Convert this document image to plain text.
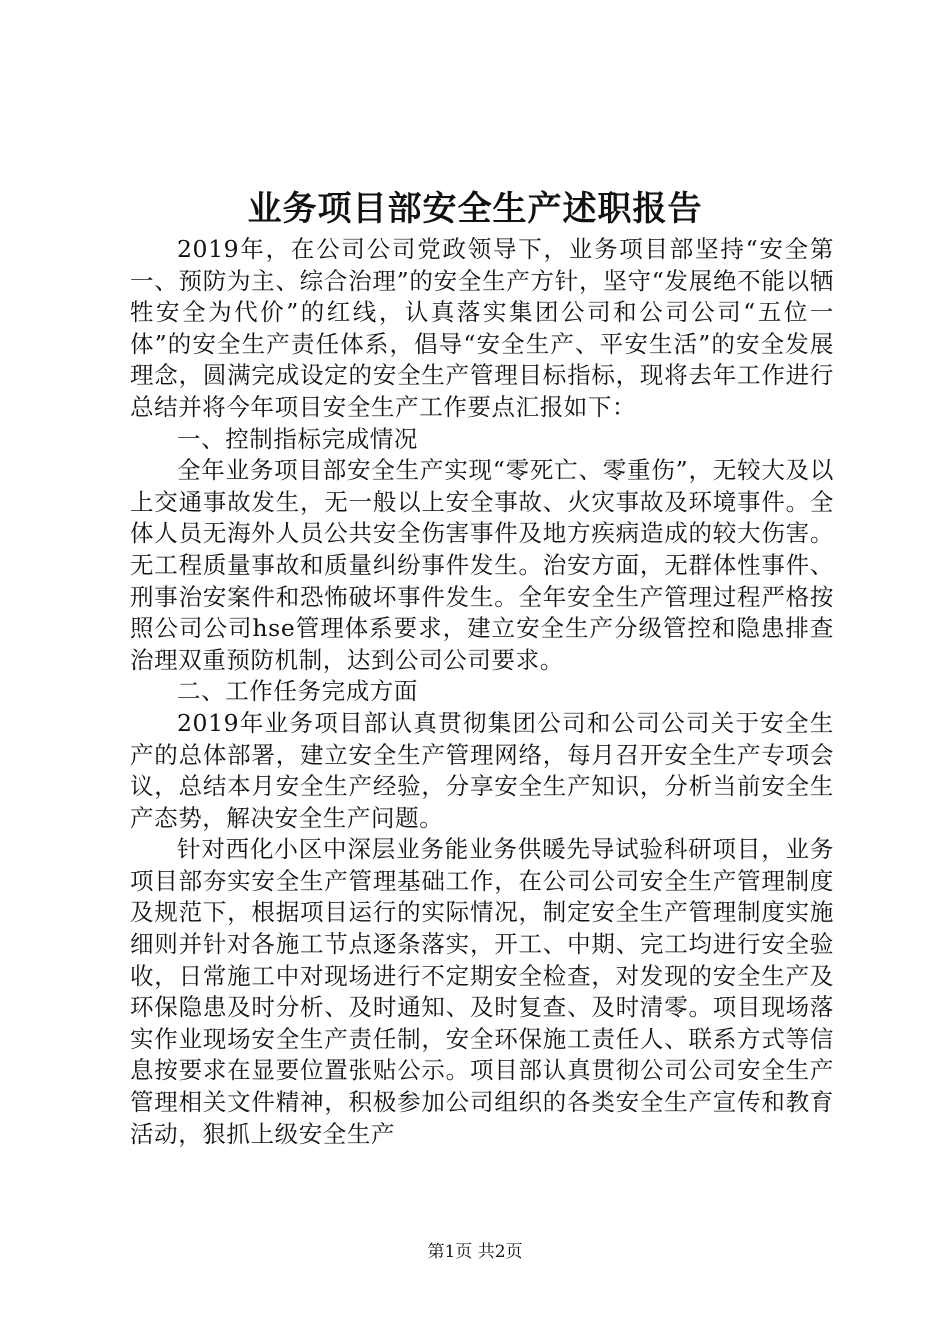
业务项目部安全生产述职报告

2019年，在公司公司党政领导下，业务项目部坚持“安全第一、预防为主、综合治理”的安全生产方针，坚守“发展绝不能以牺牲安全为代价”的红线，认真落实集团公司和公司公司“五位一体”的安全生产责任体系，倡导“安全生产、平安生活”的安全发展理念，圆满完成设定的安全生产管理目标指标，现将去年工作进行总结并将今年项目安全生产工作要点汇报如下：

一、控制指标完成情况

全年业务项目部安全生产实现“零死亡、零重伤”，无较大及以上交通事故发生，无一般以上安全事故、火灾事故及环境事件。全体人员无海外人员公共安全伤害事件及地方疾病造成的较大伤害。无工程质量事故和质量纠纷事件发生。治安方面，无群体性事件、刑事治安案件和恐怖破坏事件发生。全年安全生产管理过程严格按照公司公司hse管理体系要求，建立安全生产分级管控和隐患排查治理双重预防机制，达到公司公司要求。

二、工作任务完成方面

2019年业务项目部认真贯彻集团公司和公司公司关于安全生产的总体部署，建立安全生产管理网络，每月召开安全生产专项会议，总结本月安全生产经验，分享安全生产知识，分析当前安全生产态势，解决安全生产问题。

针对西化小区中深层业务能业务供暖先导试验科研项目，业务项目部夯实安全生产管理基础工作，在公司公司安全生产管理制度及规范下，根据项目运行的实际情况，制定安全生产管理制度实施细则并针对各施工节点逐条落实，开工、中期、完工均进行安全验收，日常施工中对现场进行不定期安全检查，对发现的安全生产及环保隐患及时分析、及时通知、及时复查、及时清零。项目现场落实作业现场安全生产责任制，安全环保施工责任人、联系方式等信息按要求在显要位置张贴公示。项目部认真贯彻公司公司安全生产管理相关文件精神，积极参加公司组织的各类安全生产宣传和教育活动，狠抓上级安全生产

第1页 共2页
